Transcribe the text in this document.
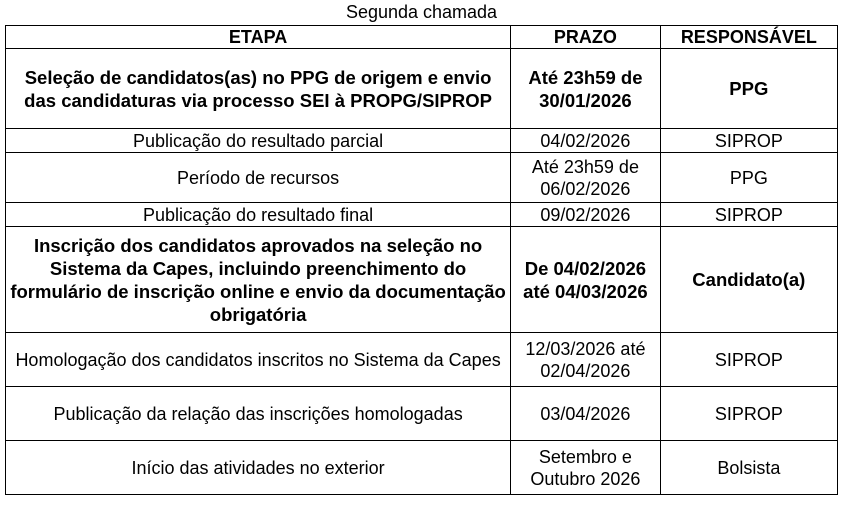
Segunda chamada
ETAPA	PRAZO	RESPONSÁVEL
Seleção de candidatos(as) no PPG de origem e envio das candidaturas via processo SEI à PROPG/SIPROP	Até 23h59 de 30/01/2026	PPG
Publicação do resultado parcial	04/02/2026	SIPROP
Período de recursos	Até 23h59 de 06/02/2026	PPG
Publicação do resultado final	09/02/2026	SIPROP
Inscrição dos candidatos aprovados na seleção no Sistema da Capes, incluindo preenchimento do formulário de inscrição online e envio da documentação obrigatória	De 04/02/2026 até 04/03/2026	Candidato(a)
Homologação dos candidatos inscritos no Sistema da Capes	12/03/2026 até 02/04/2026	SIPROP
Publicação da relação das inscrições homologadas	03/04/2026	SIPROP
Início das atividades no exterior	Setembro e Outubro 2026	Bolsista
